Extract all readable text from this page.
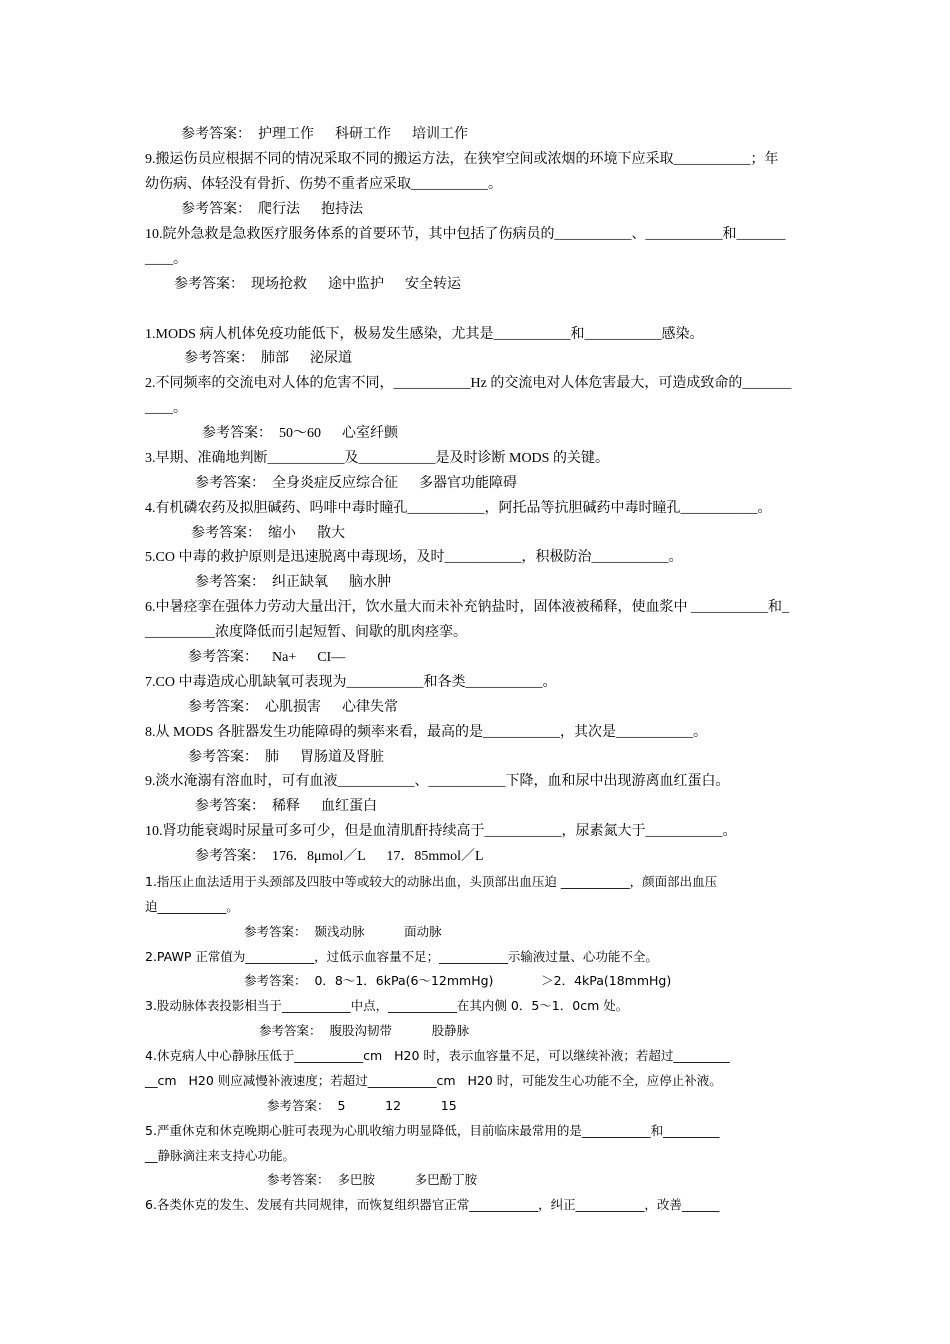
参考答案：  护理工作      科研工作      培训工作
9.搬运伤员应根据不同的情况采取不同的搬运方法，在狭窄空间或浓烟的环境下应采取___________；年
幼伤病、体轻没有骨折、伤势不重者应采取___________。
参考答案：  爬行法      抱持法
10.院外急救是急救医疗服务体系的首要环节，其中包括了伤病员的___________、___________和_______
____。
参考答案：  现场抢救      途中监护      安全转运
1.MODS 病人机体免疫功能低下，极易发生感染，尤其是___________和___________感染。
参考答案：  肺部      泌尿道
2.不同频率的交流电对人体的危害不同，___________Hz 的交流电对人体危害最大，可造成致命的_______
____。
参考答案：  50～60      心室纤颤
3.早期、准确地判断___________及___________是及时诊断 MODS 的关键。
参考答案：  全身炎症反应综合征      多器官功能障碍
4.有机磷农药及拟胆碱药、吗啡中毒时瞳孔___________，阿托品等抗胆碱药中毒时瞳孔___________。
参考答案：  缩小      散大
5.CO 中毒的救护原则是迅速脱离中毒现场，及时___________，积极防治___________。
参考答案：  纠正缺氧      脑水肿
6.中暑痉挛在强体力劳动大量出汗，饮水量大而未补充钠盐时，固体液被稀释，使血浆中 ___________和_
__________浓度降低而引起短暂、间歇的肌肉痉挛。
参考答案：    Na+      CI—
7.CO 中毒造成心肌缺氧可表现为___________和各类___________。
参考答案：  心肌损害      心律失常
8.从 MODS 各脏器发生功能障碍的频率来看，最高的是___________，其次是___________。
参考答案：  肺      胃肠道及肾脏
9.淡水淹溺有溶血时，可有血液___________、___________下降，血和尿中出现游离血红蛋白。
参考答案：  稀释      血红蛋白
10.肾功能衰竭时尿量可多可少，但是血清肌酐持续高于___________，尿素氮大于___________。
参考答案：  176．8μmol／L      17．85mmol／L
1.指压止血法适用于头颈部及四肢中等或较大的动脉出血，头顶部出血压迫 ___________，颜面部出血压
迫___________。
参考答案：  颞浅动脉          面动脉
2.PAWP 正常值为___________，过低示血容量不足；___________示输液过量、心功能不全。
参考答案：  0．8～1．6kPa(6～12mmHg)            ＞2．4kPa(18mmHg)
3.股动脉体表投影相当于___________中点，___________在其内侧 0．5～1．0cm 处。
参考答案：  腹股沟韧带          股静脉
4.休克病人中心静脉压低于___________cm   H20 时，表示血容量不足，可以继续补液；若超过_________
__cm   H20 则应减慢补液速度；若超过___________cm   H20 时，可能发生心功能不全，应停止补液。
参考答案：  5          12          15
5.严重休克和休克晚期心脏可表现为心肌收缩力明显降低，目前临床最常用的是___________和_________
__静脉滴注来支持心功能。
参考答案：  多巴胺          多巴酚丁胺
6.各类休克的发生、发展有共同规律，而恢复组织器官正常___________，纠正___________，改善______
